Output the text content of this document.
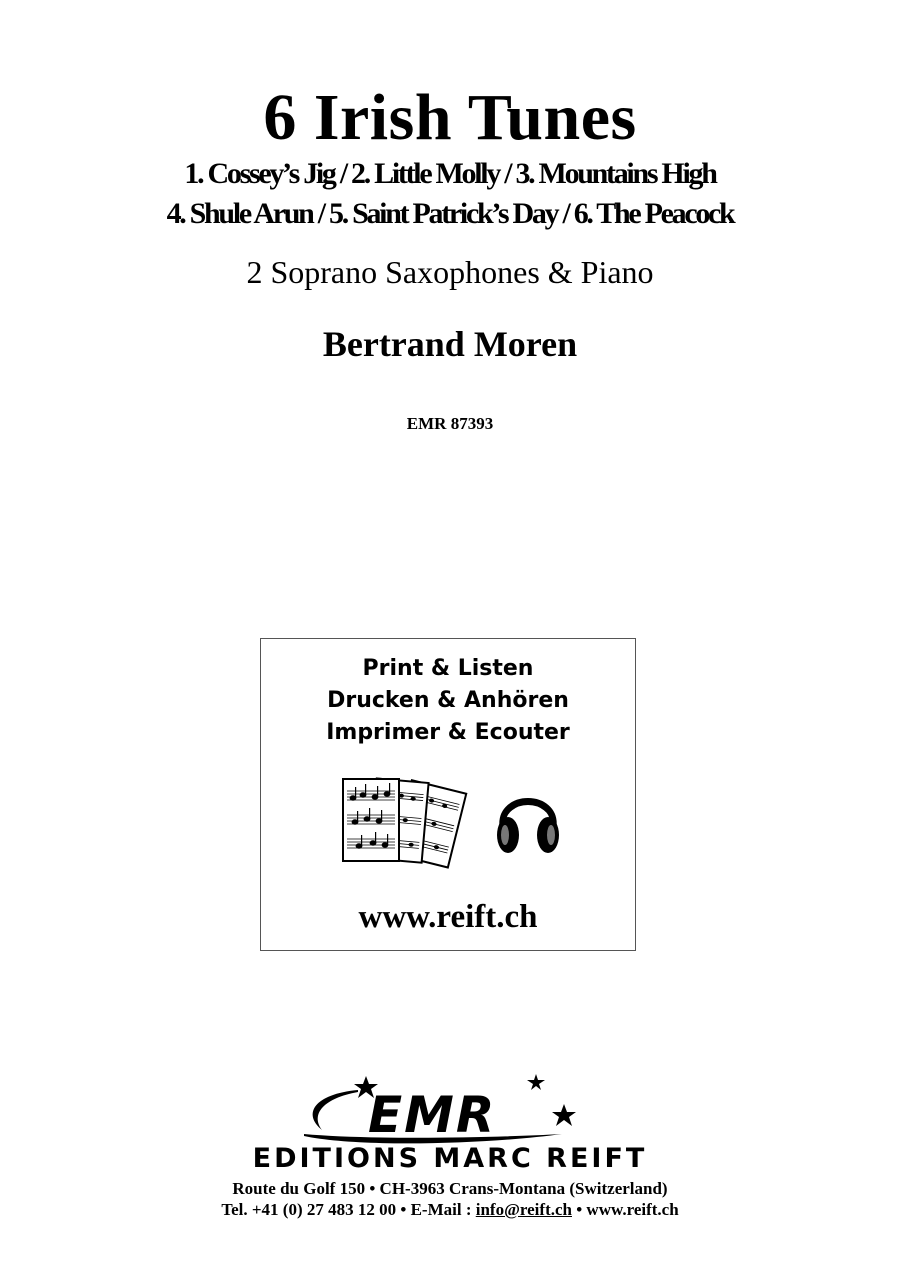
6 Irish Tunes
1. Cossey’s Jig / 2. Little Molly / 3. Mountains High
4. Shule Arun / 5. Saint Patrick’s Day / 6. The Peacock
2 Soprano Saxophones & Piano
Bertrand Moren
EMR 87393
Print & Listen
Drucken & Anhören
Imprimer & Ecouter
www.reift.ch
EMR
EDITIONS MARC REIFT
Route du Golf 150 • CH-3963 Crans-Montana (Switzerland)
Tel. +41 (0) 27 483 12 00 • E-Mail : info@reift.ch • www.reift.ch
